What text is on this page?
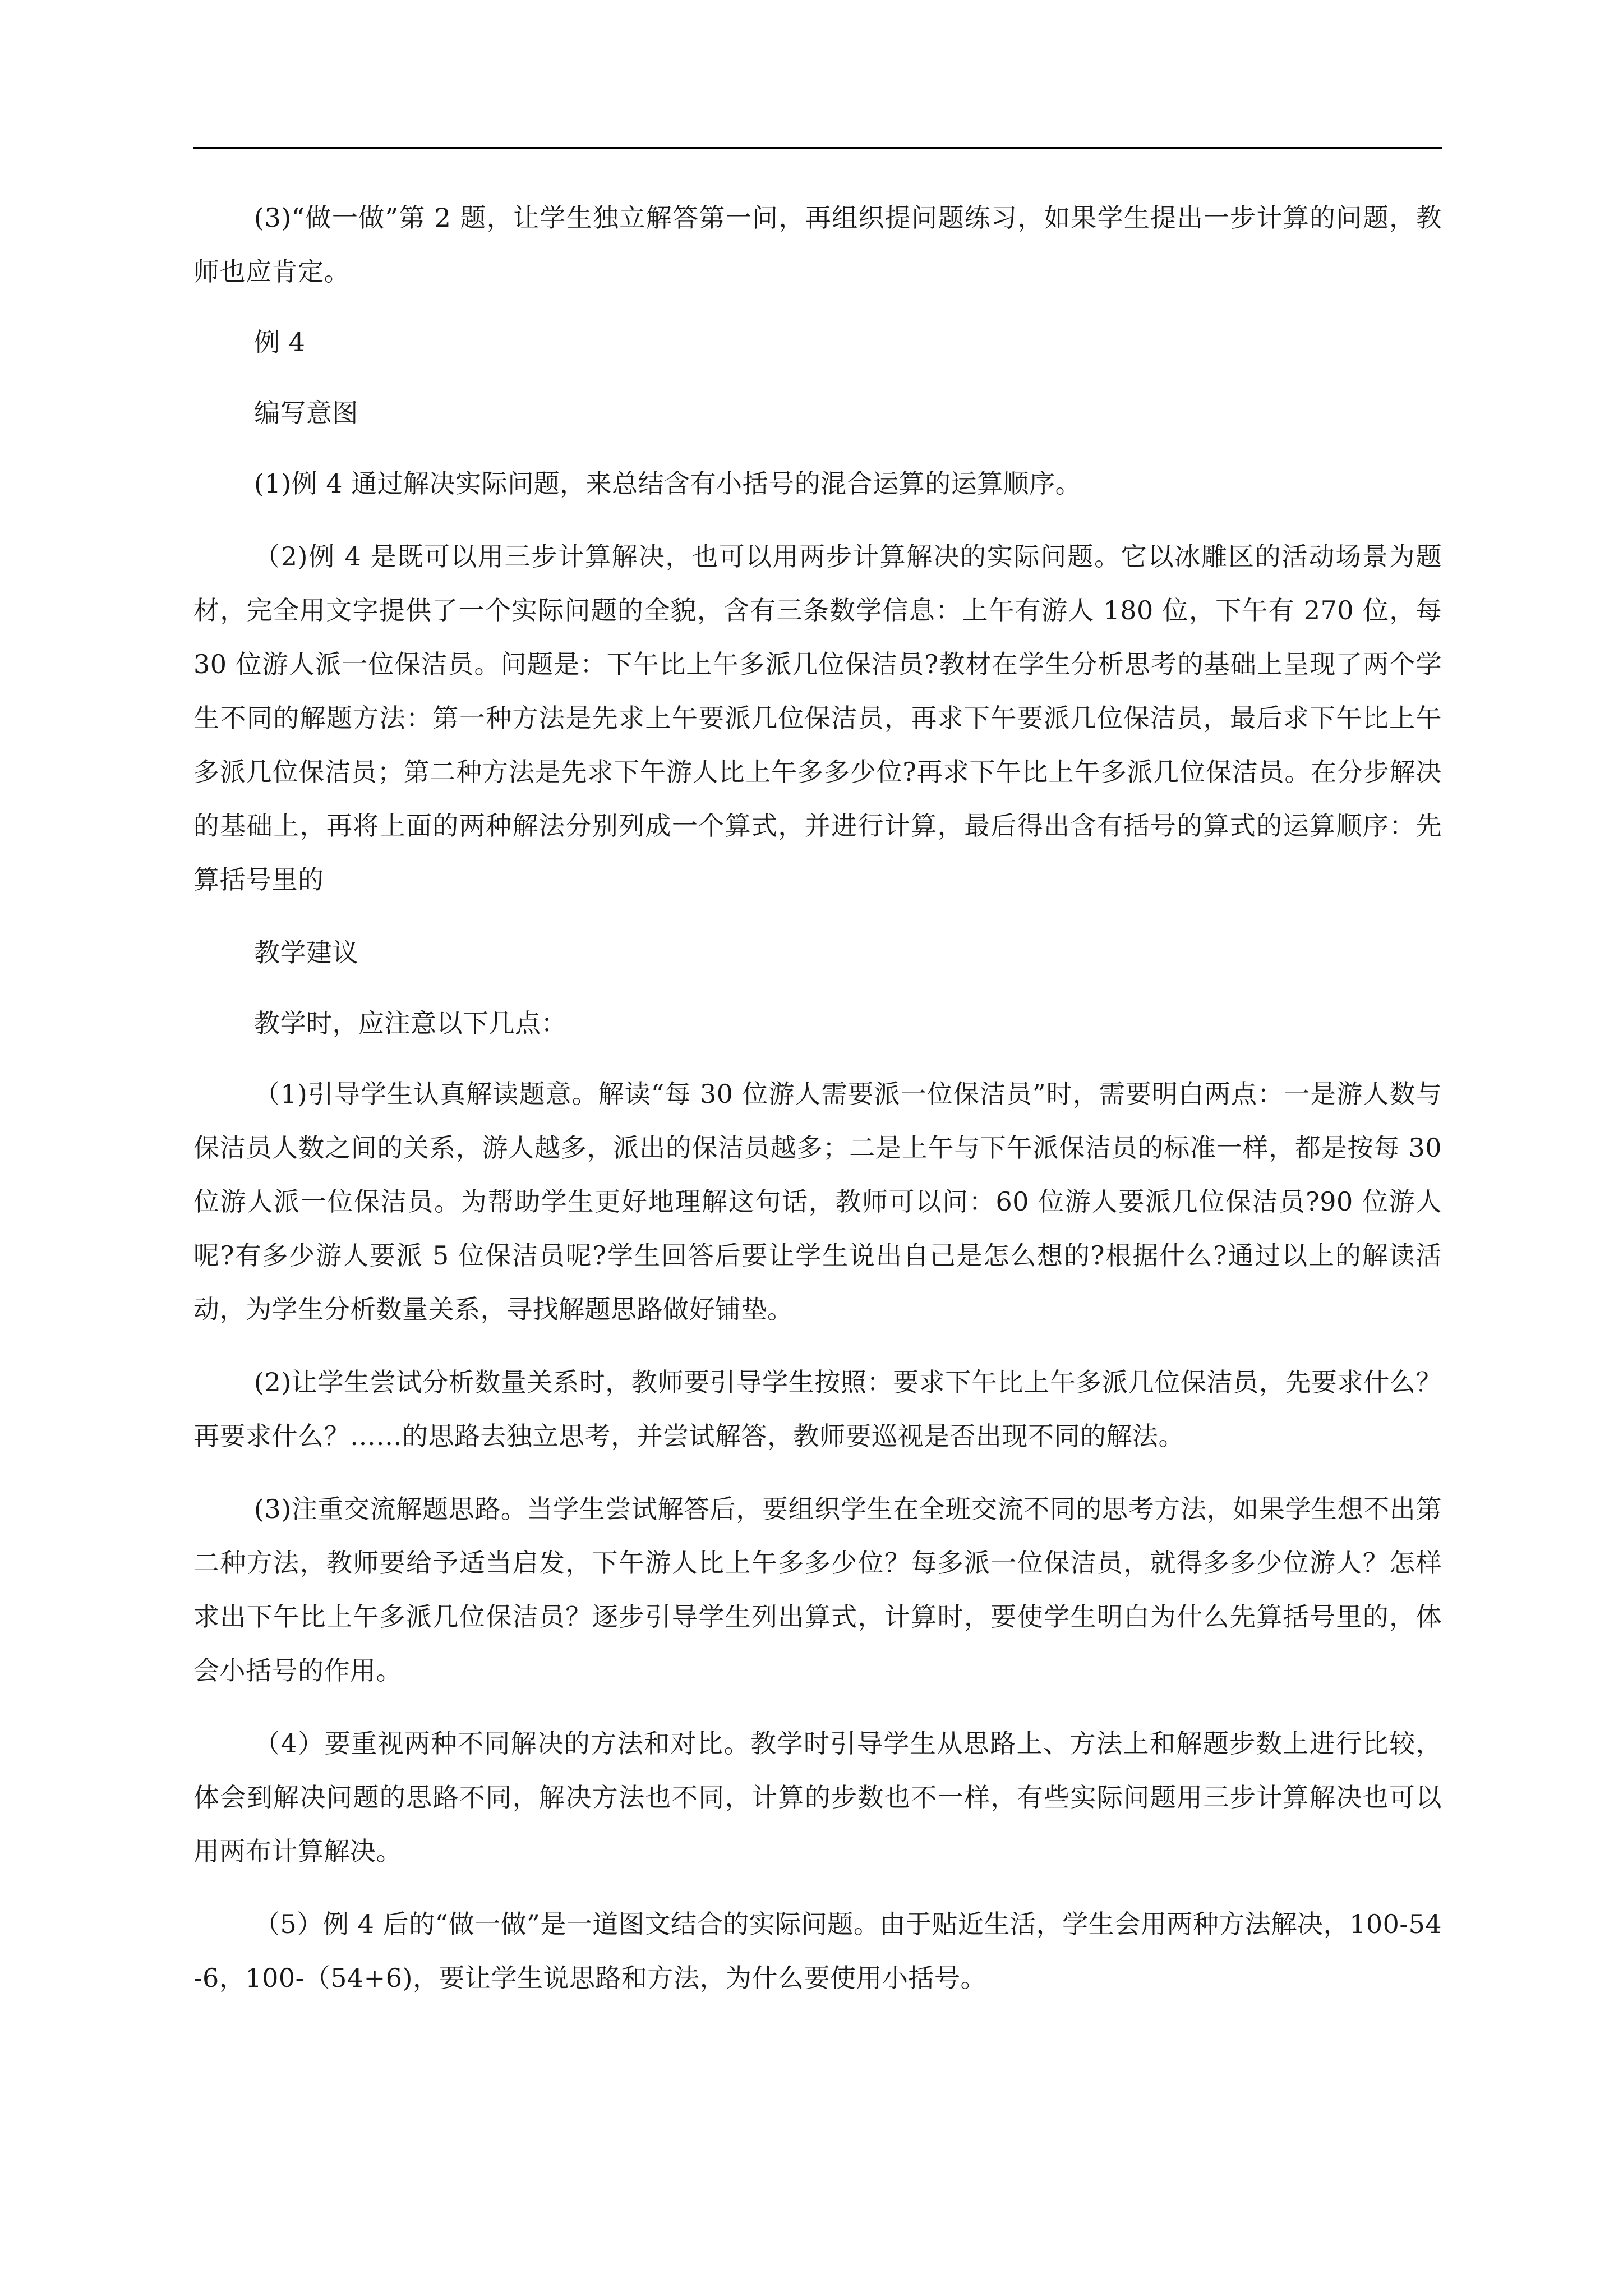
(3)“做一做”第 2 题，让学生独立解答第一问，再组织提问题练习，如果学生提出一步计算的问题，教师也应肯定。

例 4

编写意图

(1)例 4 通过解决实际问题，来总结含有小括号的混合运算的运算顺序。

（2)例 4 是既可以用三步计算解决，也可以用两步计算解决的实际问题。它以冰雕区的活动场景为题材，完全用文字提供了一个实际问题的全貌，含有三条数学信息：上午有游人 180 位，下午有 270 位，每 30 位游人派一位保洁员。问题是：下午比上午多派几位保洁员?教材在学生分析思考的基础上呈现了两个学生不同的解题方法：第一种方法是先求上午要派几位保洁员，再求下午要派几位保洁员，最后求下午比上午多派几位保洁员；第二种方法是先求下午游人比上午多多少位?再求下午比上午多派几位保洁员。在分步解决的基础上，再将上面的两种解法分别列成一个算式，并进行计算，最后得出含有括号的算式的运算顺序：先算括号里的

教学建议

教学时，应注意以下几点：

（1)引导学生认真解读题意。解读“每 30 位游人需要派一位保洁员”时，需要明白两点：一是游人数与保洁员人数之间的关系，游人越多，派出的保洁员越多；二是上午与下午派保洁员的标准一样，都是按每 30 位游人派一位保洁员。为帮助学生更好地理解这句话，教师可以问：60 位游人要派几位保洁员?90 位游人呢?有多少游人要派 5 位保洁员呢?学生回答后要让学生说出自己是怎么想的?根据什么?通过以上的解读活动，为学生分析数量关系，寻找解题思路做好铺垫。

(2)让学生尝试分析数量关系时，教师要引导学生按照：要求下午比上午多派几位保洁员，先要求什么？再要求什么？……的思路去独立思考，并尝试解答，教师要巡视是否出现不同的解法。

(3)注重交流解题思路。当学生尝试解答后，要组织学生在全班交流不同的思考方法，如果学生想不出第二种方法，教师要给予适当启发，下午游人比上午多多少位？每多派一位保洁员，就得多多少位游人？怎样求出下午比上午多派几位保洁员？逐步引导学生列出算式，计算时，要使学生明白为什么先算括号里的，体会小括号的作用。

（4）要重视两种不同解决的方法和对比。教学时引导学生从思路上、方法上和解题步数上进行比较，体会到解决问题的思路不同，解决方法也不同，计算的步数也不一样，有些实际问题用三步计算解决也可以用两布计算解决。

（5）例 4 后的“做一做”是一道图文结合的实际问题。由于贴近生活，学生会用两种方法解决，100-54-6，100-（54+6)，要让学生说思路和方法，为什么要使用小括号。
